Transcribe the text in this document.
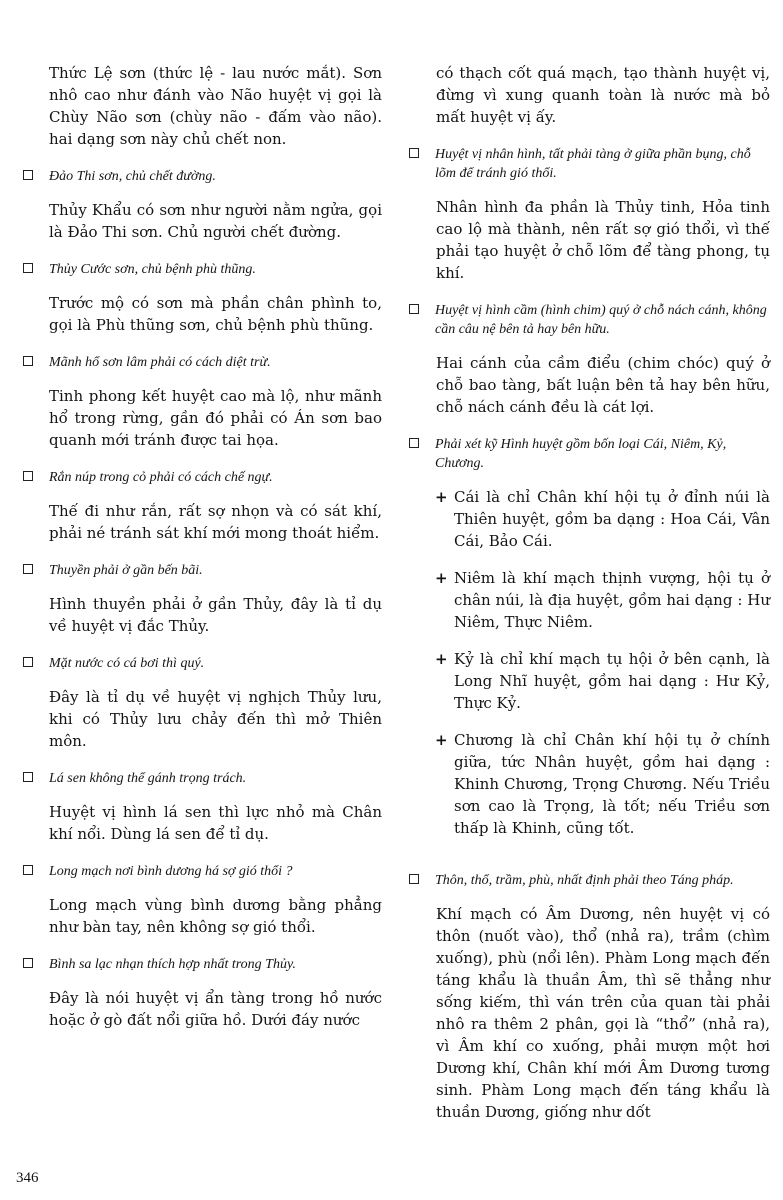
Thức Lệ sơn (thức lệ - lau nước mắt). Sơn nhô cao như đánh vào Não huyệt vị gọi là Chùy Não sơn (chùy não - đấm vào não). hai dạng sơn này chủ chết non.

Đảo Thi sơn, chủ chết đường.

Thủy Khẩu có sơn như người nằm ngửa, gọi là Đảo Thi sơn. Chủ người chết đường.

Thủy Cước sơn, chủ bệnh phù thũng.

Trước mộ có sơn mà phần chân phình to, gọi là Phù thũng sơn, chủ bệnh phù thũng.

Mãnh hổ sơn lâm phải có cách diệt trừ.

Tinh phong kết huyệt cao mà lộ, như mãnh hổ trong rừng, gần đó phải có Án sơn bao quanh mới tránh được tai họa.

Rắn núp trong cỏ phải có cách chế ngự.

Thế đi như rắn, rất sợ nhọn và có sát khí, phải né tránh sát khí mới mong thoát hiểm.

Thuyền phải ở gần bến bãi.

Hình thuyền phải ở gần Thủy, đây là tỉ dụ về huyệt vị đắc Thủy.

Mặt nước có cá bơi thì quý.

Đây là tỉ dụ về huyệt vị nghịch Thủy lưu, khi có Thủy lưu chảy đến thì mở Thiên môn.

Lá sen không thể gánh trọng trách.

Huyệt vị hình lá sen thì lực nhỏ mà Chân khí nổi. Dùng lá sen để tỉ dụ.

Long mạch nơi bình dương há sợ gió thổi ?

Long mạch vùng bình dương bằng phẳng như bàn tay, nên không sợ gió thổi.

Bình sa lạc nhạn thích hợp nhất trong Thủy.

Đây là nói huyệt vị ẩn tàng trong hồ nước hoặc ở gò đất nổi giữa hồ. Dưới đáy nước

có thạch cốt quá mạch, tạo thành huyệt vị, đừng vì xung quanh toàn là nước mà bỏ mất huyệt vị ấy.

Huyệt vị nhân hình, tất phải tàng ở giữa phần bụng, chỗ lõm để tránh gió thổi.

Nhân hình đa phần là Thủy tinh, Hỏa tinh cao lộ mà thành, nên rất sợ gió thổi, vì thế phải tạo huyệt ở chỗ lõm để tàng phong, tụ khí.

Huyệt vị hình cầm (hình chim) quý ở chỗ nách cánh, không cần câu nệ bên tả hay bên hữu.

Hai cánh của cầm điểu (chim chóc) quý ở chỗ bao tàng, bất luận bên tả hay bên hữu, chỗ nách cánh đều là cát lợi.

Phải xét kỹ Hình huyệt gồm bốn loại Cái, Niêm, Kỷ, Chương.
+ Cái là chỉ Chân khí hội tụ ở đỉnh núi là Thiên huyệt, gồm ba dạng : Hoa Cái, Vân Cái, Bảo Cái.
+ Niêm là khí mạch thịnh vượng, hội tụ ở chân núi, là địa huyệt, gồm hai dạng : Hư Niêm, Thực Niêm.
+ Kỷ là chỉ khí mạch tụ hội ở bên cạnh, là Long Nhĩ huyệt, gồm hai dạng : Hư Kỷ, Thực Kỷ.
+ Chương là chỉ Chân khí hội tụ ở chính giữa, tức Nhân huyệt, gồm hai dạng : Khinh Chương, Trọng Chương. Nếu Triều sơn cao là Trọng, là tốt; nếu Triều sơn thấp là Khinh, cũng tốt.
Thôn, thổ, trầm, phù, nhất định phải theo Táng pháp.

Khí mạch có Âm Dương, nên huyệt vị có thôn (nuốt vào), thổ (nhả ra), trầm (chìm xuống), phù (nổi lên). Phàm Long mạch đến táng khẩu là thuần Âm, thì sẽ thẳng như sống kiếm, thì ván trên của quan tài phải nhô ra thêm 2 phân, gọi là “thổ” (nhả ra), vì Âm khí co xuống, phải mượn một hơi Dương khí, Chân khí mới Âm Dương tương sinh. Phàm Long mạch đến táng khẩu là thuần Dương, giống như dốt

346
